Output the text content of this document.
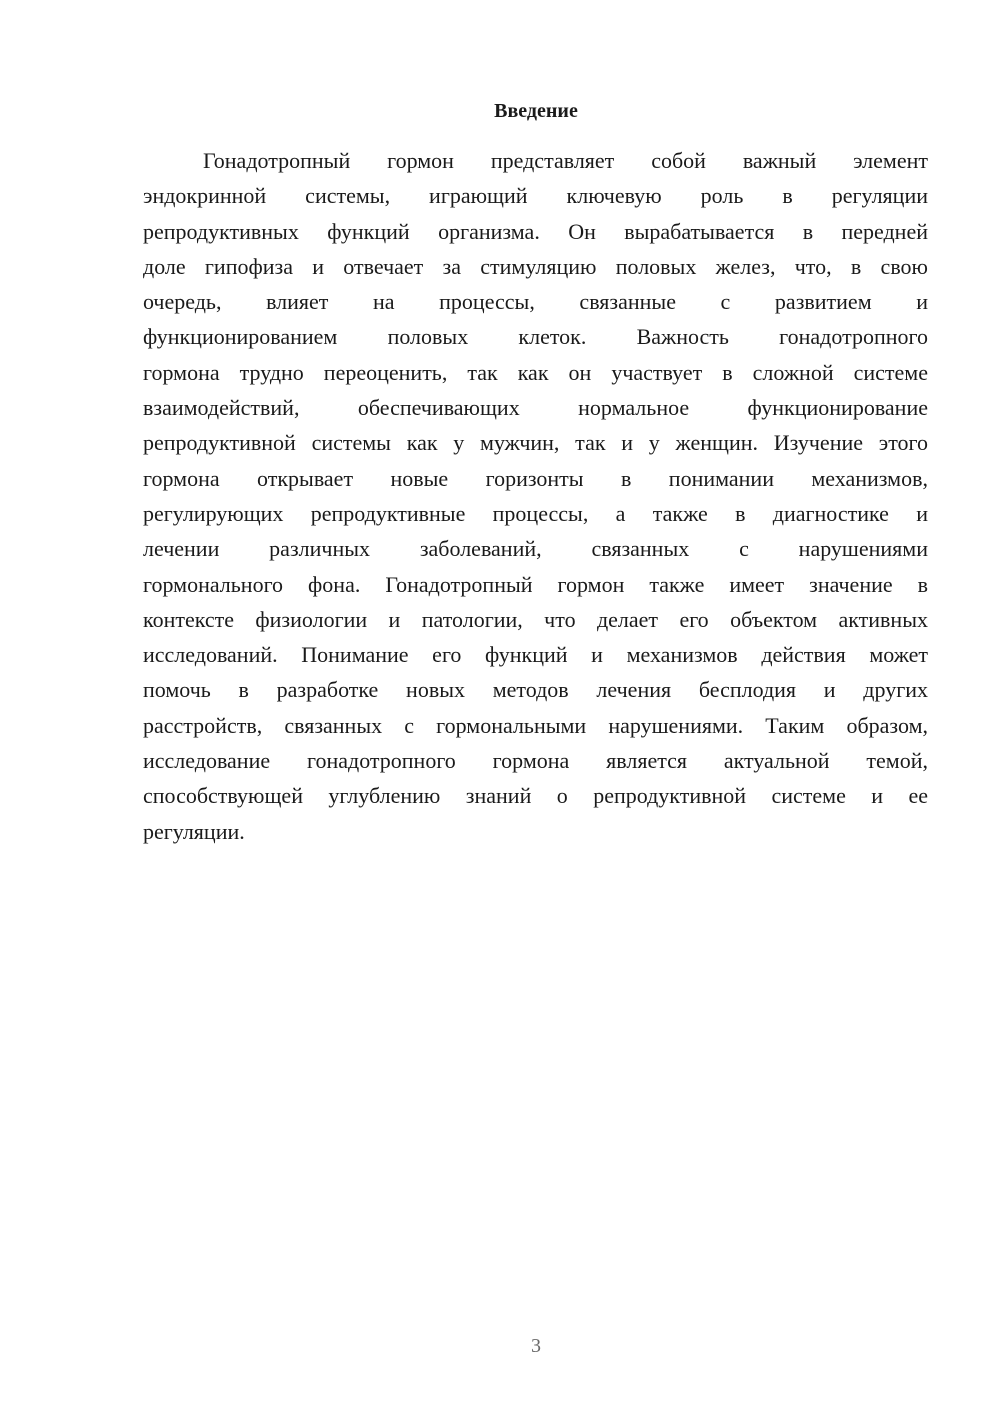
Введение
Гонадотропный гормон представляет собой важный элемент
эндокринной системы, играющий ключевую роль в регуляции
репродуктивных функций организма. Он вырабатывается в передней
доле гипофиза и отвечает за стимуляцию половых желез, что, в свою
очередь, влияет на процессы, связанные с развитием и
функционированием половых клеток. Важность гонадотропного
гормона трудно переоценить, так как он участвует в сложной системе
взаимодействий, обеспечивающих нормальное функционирование
репродуктивной системы как у мужчин, так и у женщин. Изучение этого
гормона открывает новые горизонты в понимании механизмов,
регулирующих репродуктивные процессы, а также в диагностике и
лечении различных заболеваний, связанных с нарушениями
гормонального фона. Гонадотропный гормон также имеет значение в
контексте физиологии и патологии, что делает его объектом активных
исследований. Понимание его функций и механизмов действия может
помочь в разработке новых методов лечения бесплодия и других
расстройств, связанных с гормональными нарушениями. Таким образом,
исследование гонадотропного гормона является актуальной темой,
способствующей углублению знаний о репродуктивной системе и ее
регуляции.
3
